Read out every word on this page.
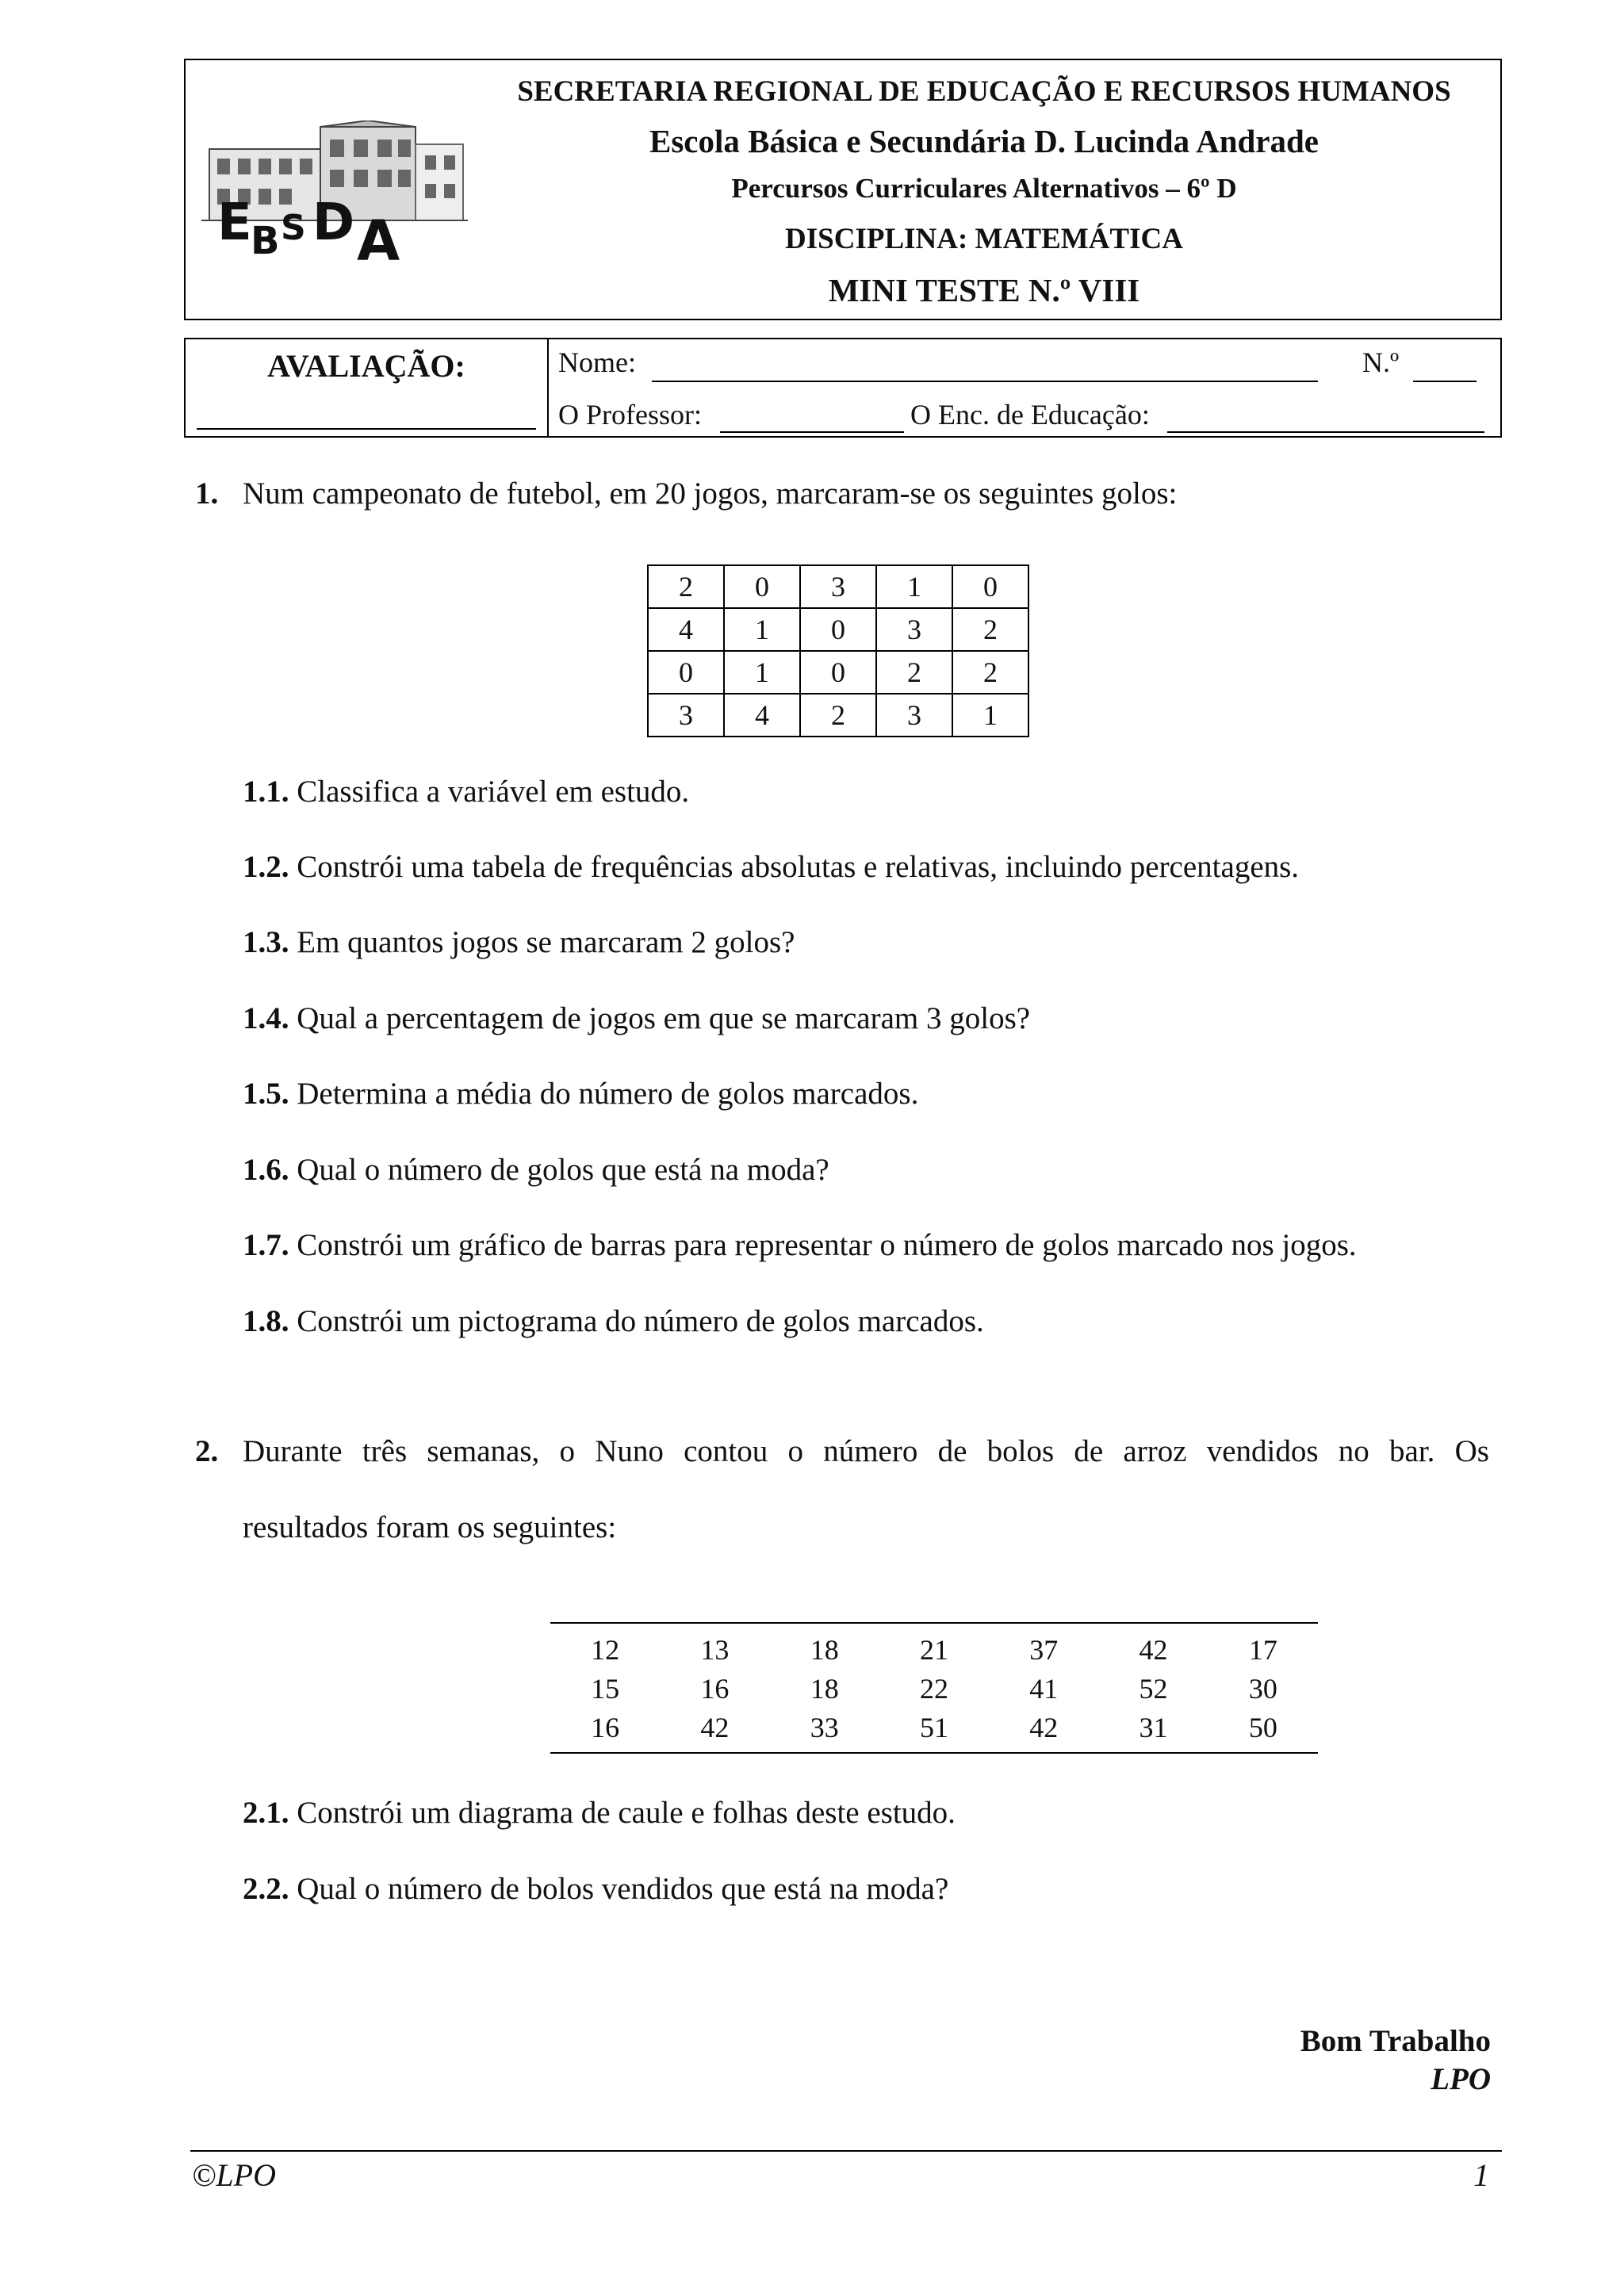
E
B S D A
SECRETARIA REGIONAL DE EDUCAÇÃO E RECURSOS HUMANOS
Escola Básica e Secundária D. Lucinda Andrade
Percursos Curriculares Alternativos – 6º D
DISCIPLINA: MATEMÁTICA
MINI TESTE N.º VIII
AVALIAÇÃO:	Nome:	N.º
O Professor:	O Enc. de Educação:
1. Num campeonato de futebol, em 20 jogos, marcaram-se os seguintes golos:
2	0	3	1	0
4	1	0	3	2
0	1	0	2	2
3	4	2	3	1
1.1. Classifica a variável em estudo.
1.2. Constrói uma tabela de frequências absolutas e relativas, incluindo percentagens.
1.3. Em quantos jogos se marcaram 2 golos?
1.4. Qual a percentagem de jogos em que se marcaram 3 golos?
1.5. Determina a média do número de golos marcados.
1.6. Qual o número de golos que está na moda?
1.7. Constrói um gráfico de barras para representar o número de golos marcado nos jogos.
1.8. Constrói um pictograma do número de golos marcados.
2. Durante três semanas, o Nuno contou o número de bolos de arroz vendidos no bar. Os
resultados foram os seguintes:
12	13	18	21	37	42	17
15	16	18	22	41	52	30
16	42	33	51	42	31	50
2.1. Constrói um diagrama de caule e folhas deste estudo.
2.2. Qual o número de bolos vendidos que está na moda?
Bom Trabalho
LPO
©LPO	1
